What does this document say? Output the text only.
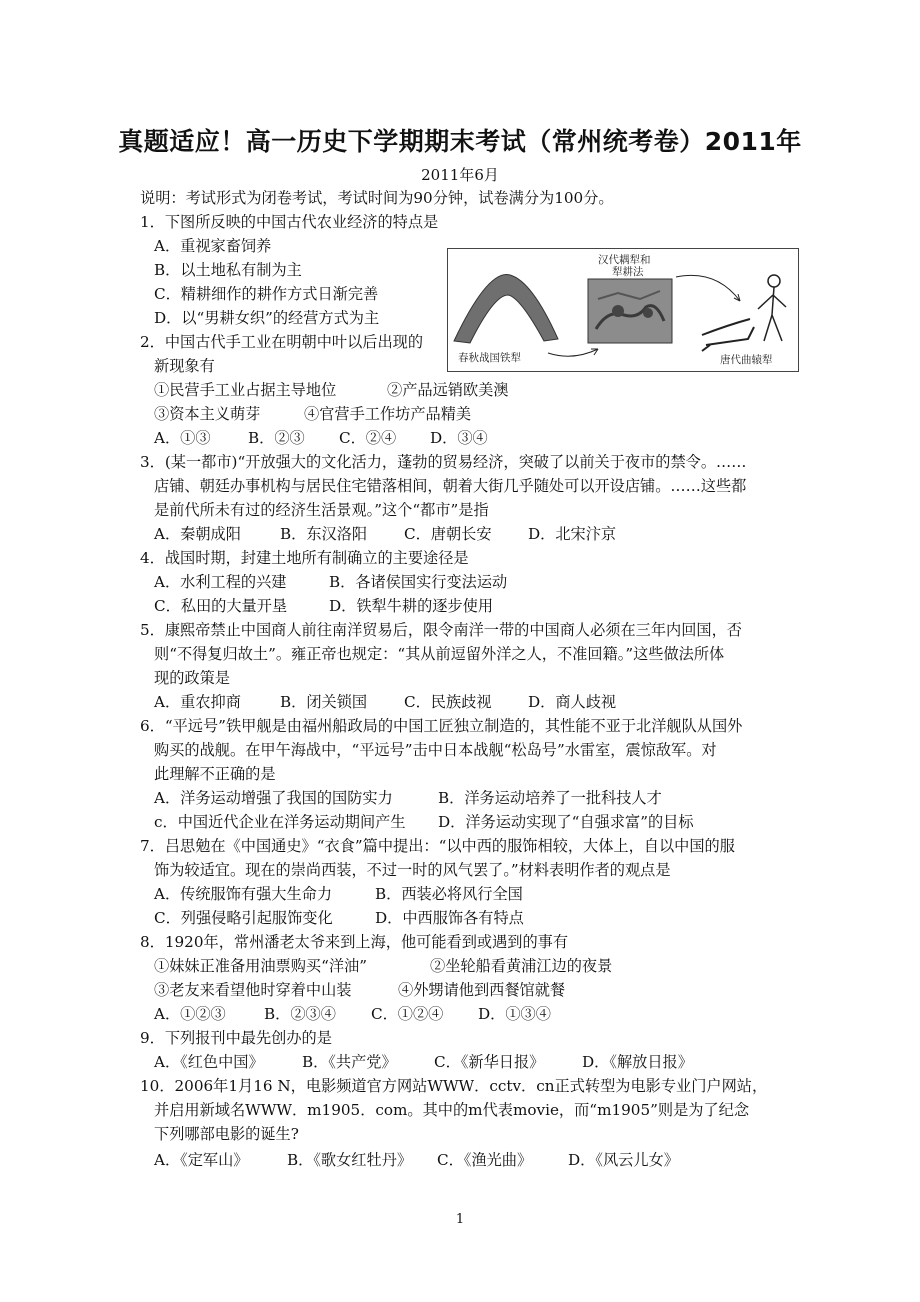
真题适应！高一历史下学期期末考试（常州统考卷）2011年
2011年6月
说明：考试形式为闭卷考试，考试时间为90分钟，试卷满分为100分。
1．下图所反映的中国古代农业经济的特点是
A．重视家畜饲养
B．以土地私有制为主
C．精耕细作的耕作方式日渐完善
D．以“男耕女织”的经营方式为主
春秋战国铁犁
汉代耦犁和
犁耕法
唐代曲辕犁
2．中国古代手工业在明朝中叶以后出现的
新现象有
①民营手工业占据主导地位	②产品远销欧美澳
③资本主义萌芽	④官营手工作坊产品精美
A．①③ B．②③ C．②④ D．③④
3．(某一都市)“开放强大的文化活力，蓬勃的贸易经济，突破了以前关于夜市的禁令。……
店铺、朝廷办事机构与居民住宅错落相间，朝着大街几乎随处可以开设店铺。……这些都
是前代所未有过的经济生活景观。”这个“都市”是指
A．秦朝成阳	B．东汉洛阳 C．唐朝长安 D．北宋汴京
4．战国时期，封建土地所有制确立的主要途径是
A．水利工程的兴建	B．各诸侯国实行变法运动
C．私田的大量开垦	D．铁犁牛耕的逐步使用
5．康熙帝禁止中国商人前往南洋贸易后，限令南洋一带的中国商人必须在三年内回国，否
则“不得复归故土”。雍正帝也规定：“其从前逗留外洋之人，不准回籍。”这些做法所体
现的政策是
A．重农抑商	B．闭关锁国 C．民族歧视 D．商人歧视
6．“平远号”铁甲舰是由福州船政局的中国工匠独立制造的，其性能不亚于北洋舰队从国外
购买的战舰。在甲午海战中，“平远号”击中日本战舰“松岛号”水雷室，震惊敌军。对
此理解不正确的是
A．洋务运动增强了我国的国防实力	B．洋务运动培养了一批科技人才
c．中国近代企业在洋务运动期间产生 D．洋务运动实现了“自强求富”的目标
7．吕思勉在《中国通史》“衣食”篇中提出：“以中西的服饰相较，大体上，自以中国的服
饰为较适宜。现在的崇尚西装，不过一时的风气罢了。”材料表明作者的观点是
A．传统服饰有强大生命力	B．西装必将风行全国
C．列强侵略引起服饰变化	D．中西服饰各有特点
8．1920年，常州潘老太爷来到上海，他可能看到或遇到的事有
①妹妹正准备用油票购买“洋油”	②坐轮船看黄浦江边的夜景
③老友来看望他时穿着中山装	④外甥请他到西餐馆就餐
A．①②③	B．②③④ C．①②④ D．①③④
9．下列报刊中最先创办的是
A．《红色中国》	B．《共产党》 C．《新华日报》 D．《解放日报》
10．2006年1月16 N，电影频道官方网站WWW．cctv．cn正式转型为电影专业门户网站，
并启用新域名WWW．m1905．com。其中的m代表movie，而“m1905”则是为了纪念
下列哪部电影的诞生?
A．《定军山》	B．《歌女红牡丹》 C．《渔光曲》 D．《风云儿女》
1
